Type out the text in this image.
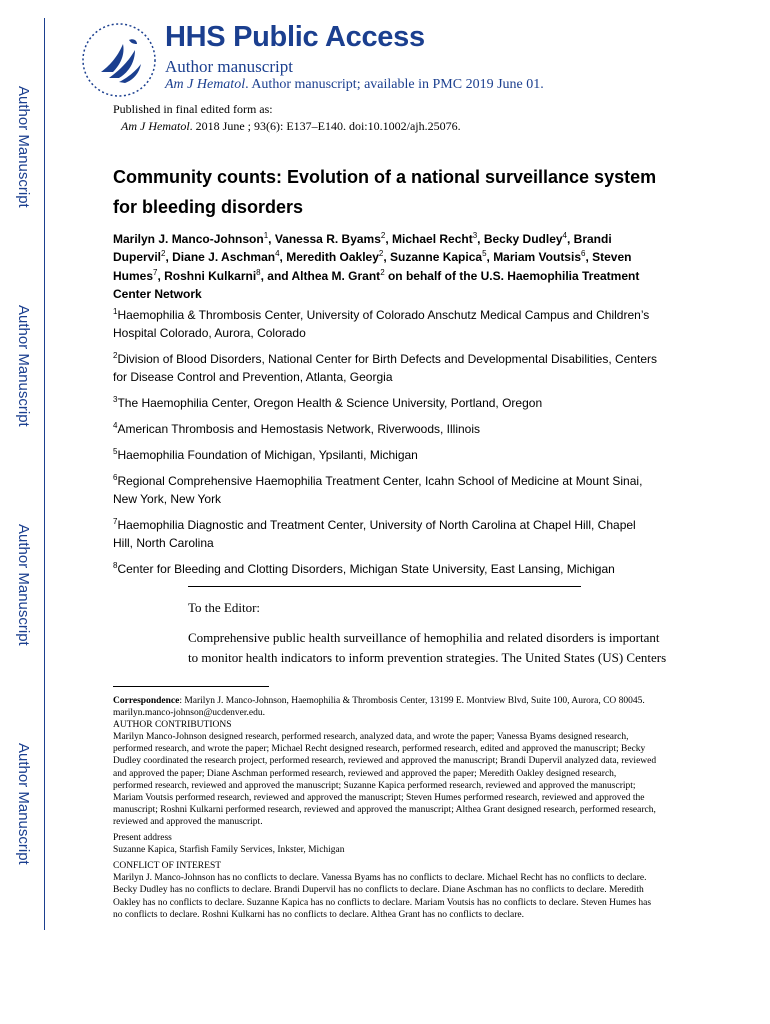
Author Manuscript
Author Manuscript
Author Manuscript
Author Manuscript
HHS Public Access
Author manuscript
Am J Hematol. Author manuscript; available in PMC 2019 June 01.
Published in final edited form as:
Am J Hematol. 2018 June ; 93(6): E137–E140. doi:10.1002/ajh.25076.
Community counts: Evolution of a national surveillance system for bleeding disorders
Marilyn J. Manco-Johnson$^1$, Vanessa R. Byams$^2$, Michael Recht$^3$, Becky Dudley$^4$, Brandi Dupervil$^2$, Diane J. Aschman$^4$, Meredith Oakley$^2$, Suzanne Kapica$^5$, Mariam Voutsis$^6$, Steven Humes$^7$, Roshni Kulkarni$^8$, and Althea M. Grant$^2$ on behalf of the U.S. Haemophilia Treatment Center Network

$^1$Haemophilia & Thrombosis Center, University of Colorado Anschutz Medical Campus and Children’s Hospital Colorado, Aurora, Colorado

$^2$Division of Blood Disorders, National Center for Birth Defects and Developmental Disabilities, Centers for Disease Control and Prevention, Atlanta, Georgia

$^3$The Haemophilia Center, Oregon Health & Science University, Portland, Oregon

$^4$American Thrombosis and Hemostasis Network, Riverwoods, Illinois

$^5$Haemophilia Foundation of Michigan, Ypsilanti, Michigan

$^6$Regional Comprehensive Haemophilia Treatment Center, Icahn School of Medicine at Mount Sinai, New York, New York

$^7$Haemophilia Diagnostic and Treatment Center, University of North Carolina at Chapel Hill, Chapel Hill, North Carolina

$^8$Center for Bleeding and Clotting Disorders, Michigan State University, East Lansing, Michigan

To the Editor:
Comprehensive public health surveillance of hemophilia and related disorders is important to monitor health indicators to inform prevention strategies. The United States (US) Centers

Correspondence: Marilyn J. Manco-Johnson, Haemophilia & Thrombosis Center, 13199 E. Montview Blvd, Suite 100, Aurora, CO 80045. marilyn.manco-johnson@ucdenver.edu.

AUTHOR CONTRIBUTIONS

Marilyn Manco-Johnson designed research, performed research, analyzed data, and wrote the paper; Vanessa Byams designed research, performed research, and wrote the paper; Michael Recht designed research, performed research, edited and approved the manuscript; Becky Dudley coordinated the research project, performed research, reviewed and approved the manuscript; Brandi Dupervil analyzed data, reviewed and approved the paper; Diane Aschman performed research, reviewed and approved the paper; Meredith Oakley designed research, performed research, reviewed and approved the manuscript; Suzanne Kapica performed research, reviewed and approved the manuscript; Mariam Voutsis performed research, reviewed and approved the manuscript; Steven Humes performed research, reviewed and approved the manuscript; Roshni Kulkarni performed research, reviewed and approved the manuscript; Althea Grant designed research, performed research, reviewed and approved the manuscript.

Present address

Suzanne Kapica, Starfish Family Services, Inkster, Michigan

CONFLICT OF INTEREST

Marilyn J. Manco-Johnson has no conflicts to declare. Vanessa Byams has no conflicts to declare. Michael Recht has no conflicts to declare. Becky Dudley has no conflicts to declare. Brandi Dupervil has no conflicts to declare. Diane Aschman has no conflicts to declare. Meredith Oakley has no conflicts to declare. Suzanne Kapica has no conflicts to declare. Mariam Voutsis has no conflicts to declare. Steven Humes has no conflicts to declare. Roshni Kulkarni has no conflicts to declare. Althea Grant has no conflicts to declare.
